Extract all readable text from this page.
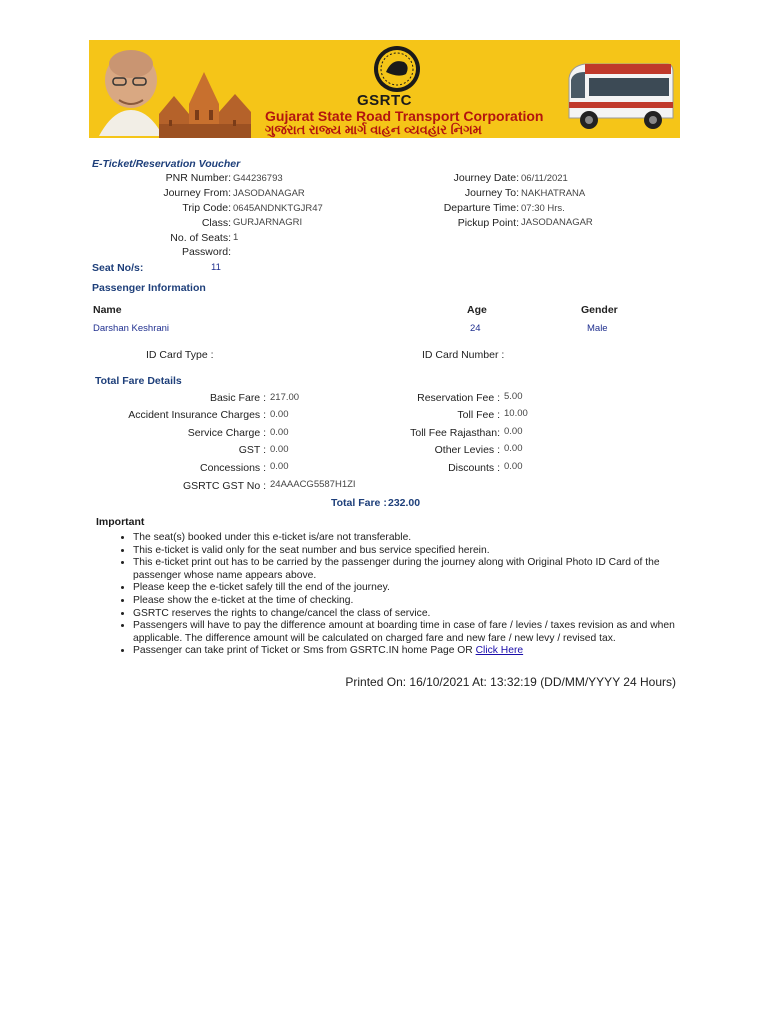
GSRTC
Gujarat State Road Transport Corporation
ગુજરાત રાજ્ય માર્ગ વાહન વ્યવહાર નિગમ
E-Ticket/Reservation Voucher
PNR Number: G44236793
Journey From: JASODANAGAR
Trip Code: 0645ANDNKTGJR47
Class: GURJARNAGRI
No. of Seats: 1
Password:
Journey Date: 06/11/2021
Journey To: NAKHATRANA
Departure Time: 07:30 Hrs.
Pickup Point: JASODANAGAR
Seat No/s:	11
Passenger Information
Name	Age	Gender
Darshan Keshrani	24	Male
ID Card Type :	ID Card Number :
Total Fare Details
Basic Fare : 217.00
Accident Insurance Charges : 0.00
Service Charge : 0.00
GST : 0.00
Concessions : 0.00
GSRTC GST No : 24AAACG5587H1ZI
Reservation Fee : 5.00
Toll Fee : 10.00
Toll Fee Rajasthan: 0.00
Other Levies : 0.00
Discounts : 0.00
Total Fare : 232.00
Important
• The seat(s) booked under this e-ticket is/are not transferable.
• This e-ticket is valid only for the seat number and bus service specified herein.
• This e-ticket print out has to be carried by the passenger during the journey along with Original Photo ID Card of the passenger whose name appears above.
• Please keep the e-ticket safely till the end of the journey.
• Please show the e-ticket at the time of checking.
• GSRTC reserves the rights to change/cancel the class of service.
• Passengers will have to pay the difference amount at boarding time in case of fare / levies / taxes revision as and when applicable. The difference amount will be calculated on charged fare and new fare / new levy / revised tax.
• Passenger can take print of Ticket or Sms from GSRTC.IN home Page OR Click Here
Printed On: 16/10/2021 At: 13:32:19 (DD/MM/YYYY 24 Hours)
